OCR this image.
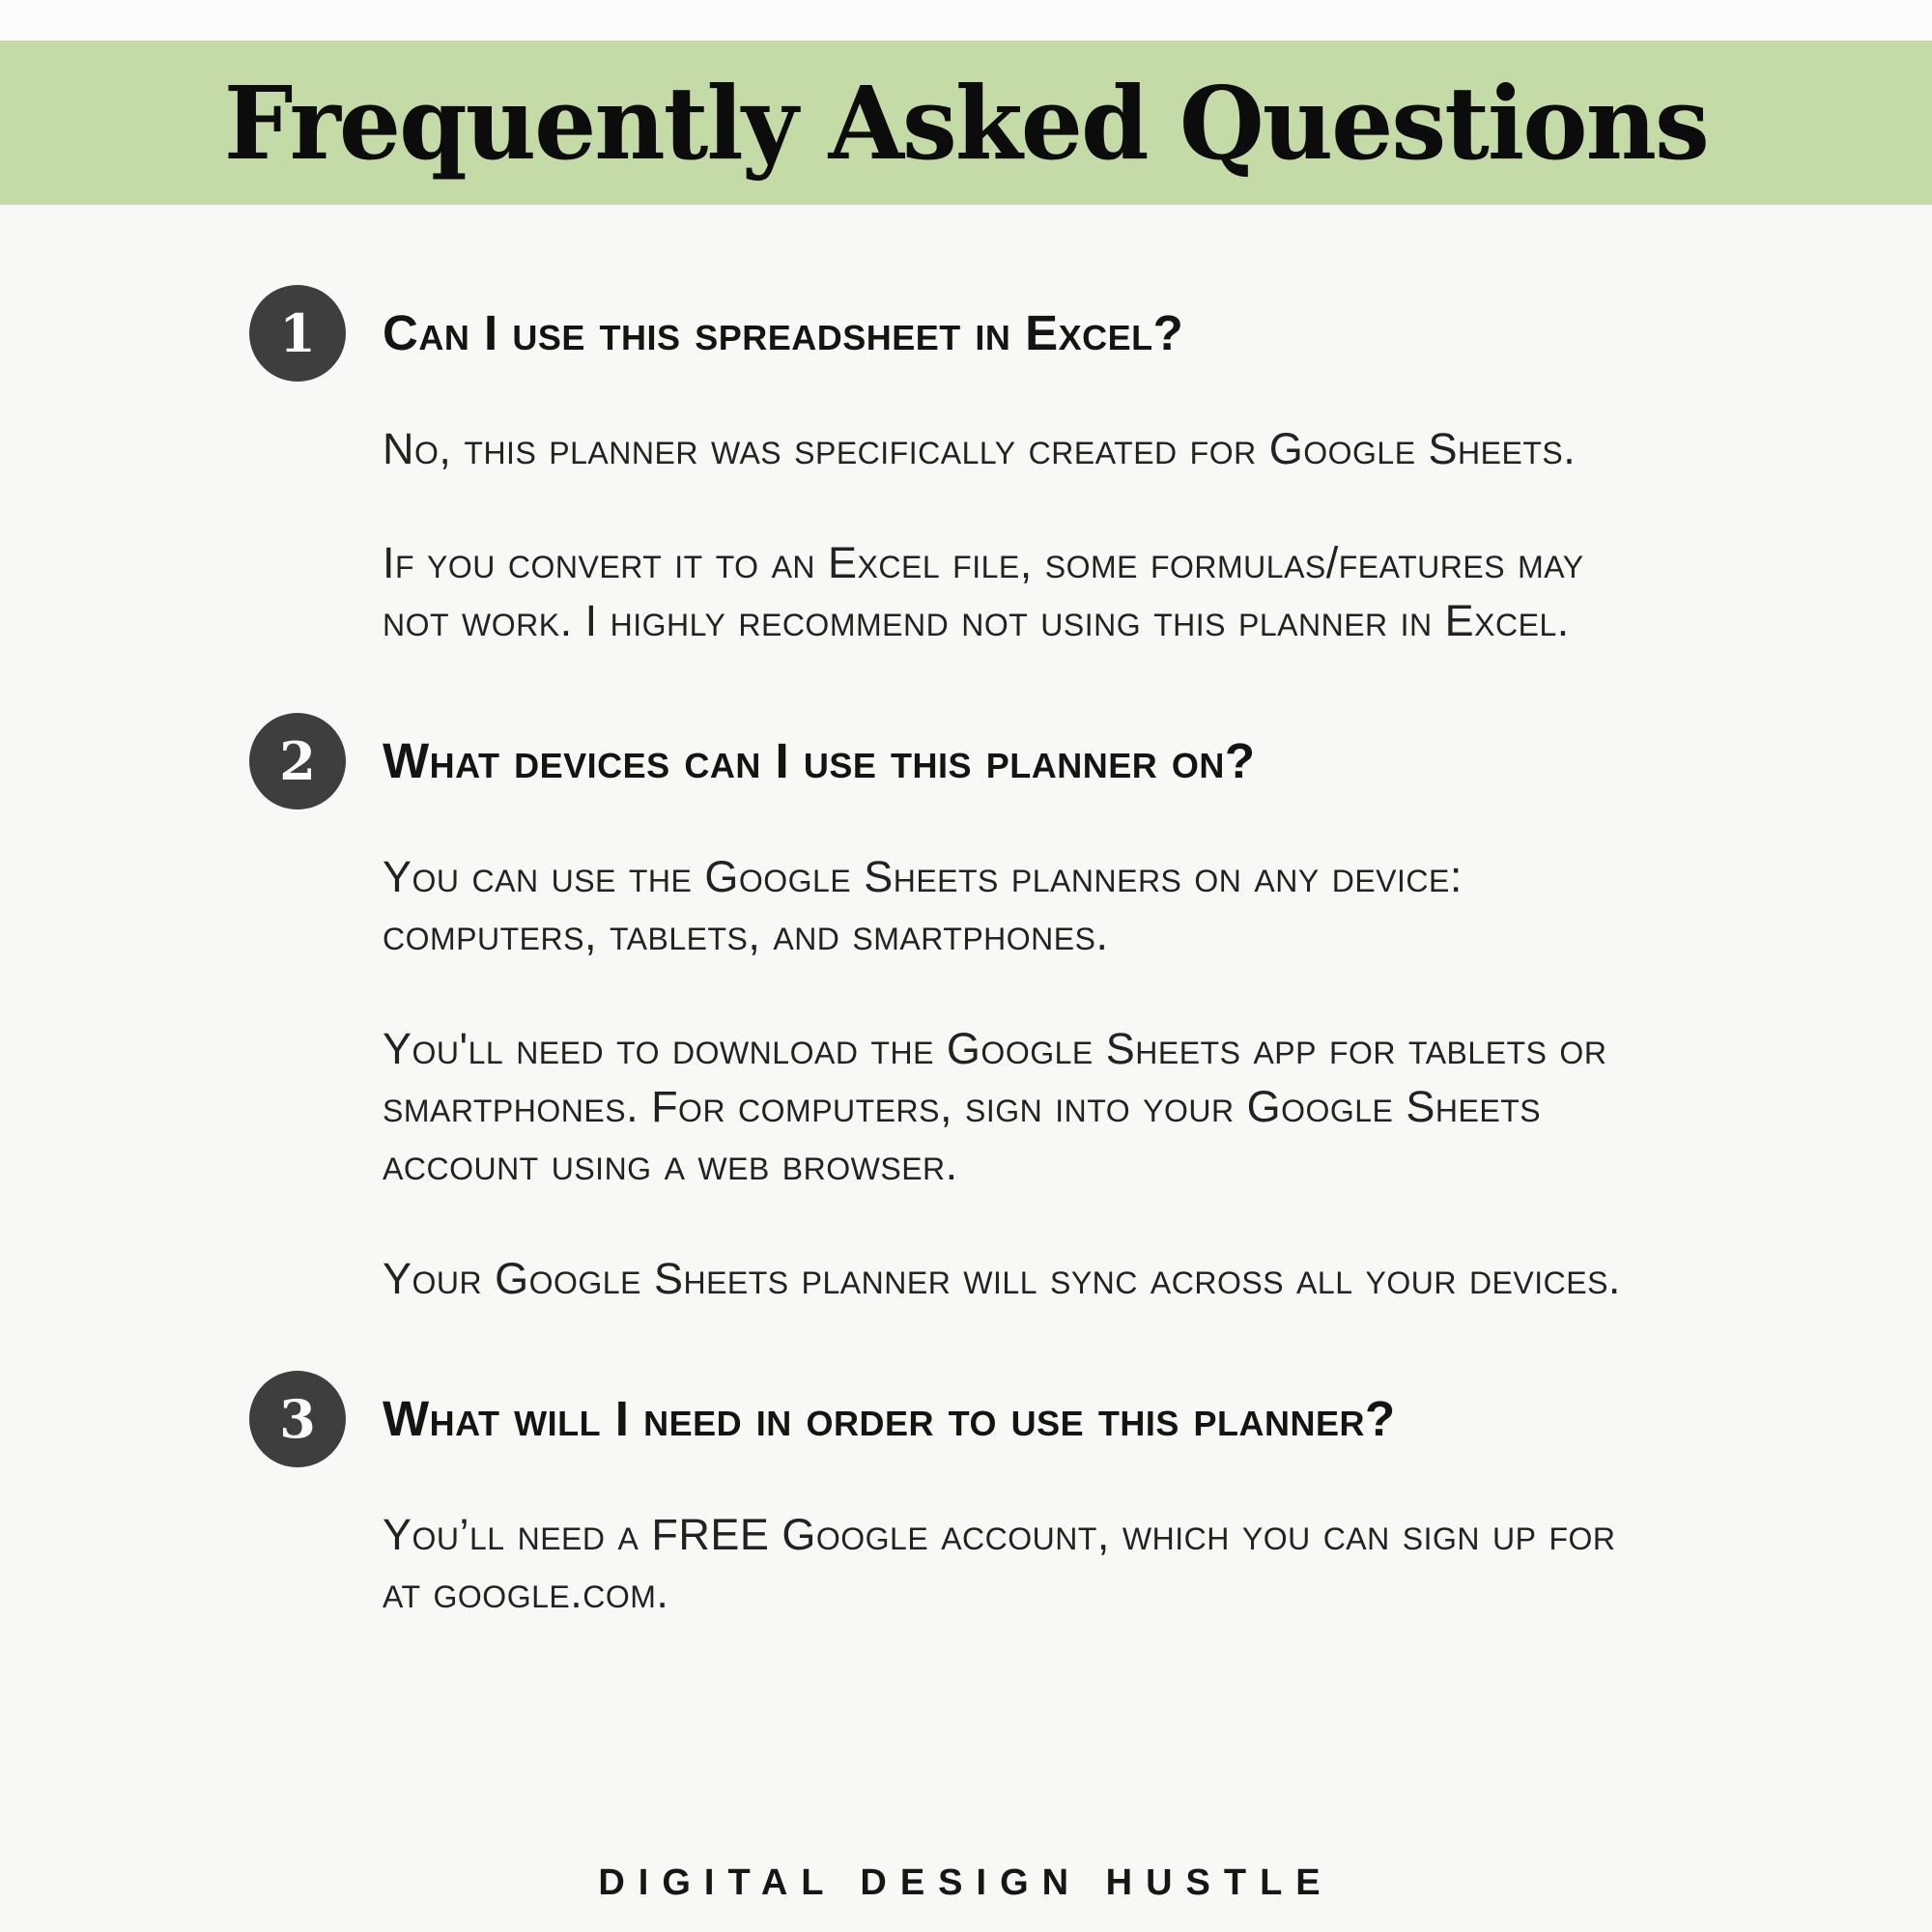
Frequently Asked Questions
1	Can I use this spreadsheet in Excel?

No, this planner was specifically created for Google Sheets.

If you convert it to an Excel file, some formulas/features may not work. I highly recommend not using this planner in Excel.

2	What devices can I use this planner on?

You can use the Google Sheets planners on any device: computers, tablets, and smartphones.

You'll need to download the Google Sheets app for tablets or smartphones. For computers, sign into your Google Sheets account using a web browser.

Your Google Sheets planner will sync across all your devices.

3	What will I need in order to use this planner?

You’ll need a FREE Google account, which you can sign up for at google.com.

DIGITAL DESIGN HUSTLE
